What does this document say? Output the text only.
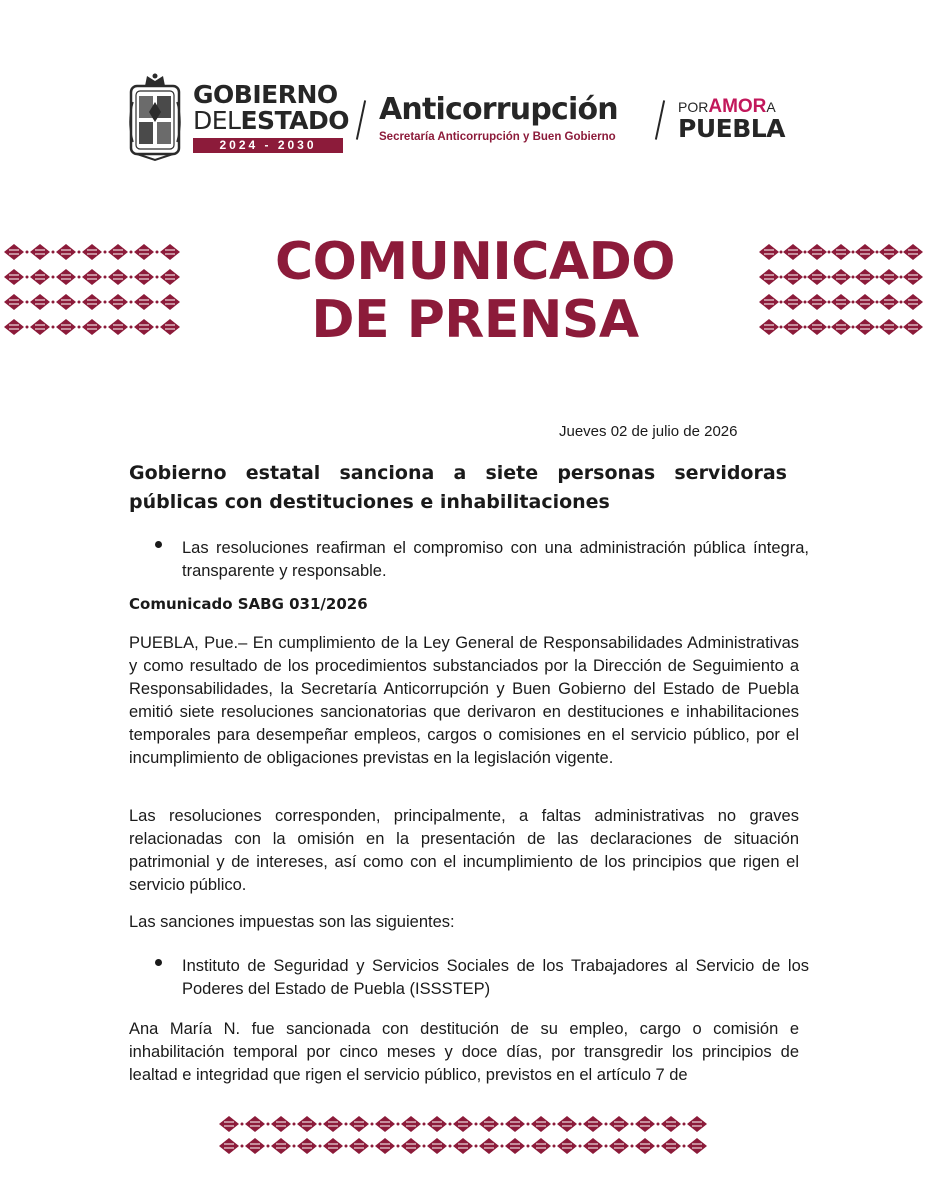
GOBIERNO
DELESTADO
2024 - 2030
Anticorrupción
Secretaría Anticorrupción y Buen Gobierno
PORAMORA
PUEBLA
COMUNICADO
DE PRENSA
Jueves 02 de julio de 2026
Gobierno estatal sanciona a siete personas servidoras públicas con destituciones e inhabilitaciones
Las resoluciones reafirman el compromiso con una administración pública íntegra, transparente y responsable.
Comunicado SABG 031/2026
PUEBLA, Pue.– En cumplimiento de la Ley General de Responsabilidades Administrativas y como resultado de los procedimientos substanciados por la Dirección de Seguimiento a Responsabilidades, la Secretaría Anticorrupción y Buen Gobierno del Estado de Puebla emitió siete resoluciones sancionatorias que derivaron en destituciones e inhabilitaciones temporales para desempeñar empleos, cargos o comisiones en el servicio público, por el incumplimiento de obligaciones previstas en la legislación vigente.
Las resoluciones corresponden, principalmente, a faltas administrativas no graves relacionadas con la omisión en la presentación de las declaraciones de situación patrimonial y de intereses, así como con el incumplimiento de los principios que rigen el servicio público.
Las sanciones impuestas son las siguientes:
Instituto de Seguridad y Servicios Sociales de los Trabajadores al Servicio de los Poderes del Estado de Puebla (ISSSTEP)
Ana María N. fue sancionada con destitución de su empleo, cargo o comisión e inhabilitación temporal por cinco meses y doce días, por transgredir los principios de lealtad e integridad que rigen el servicio público, previstos en el artículo 7 de
